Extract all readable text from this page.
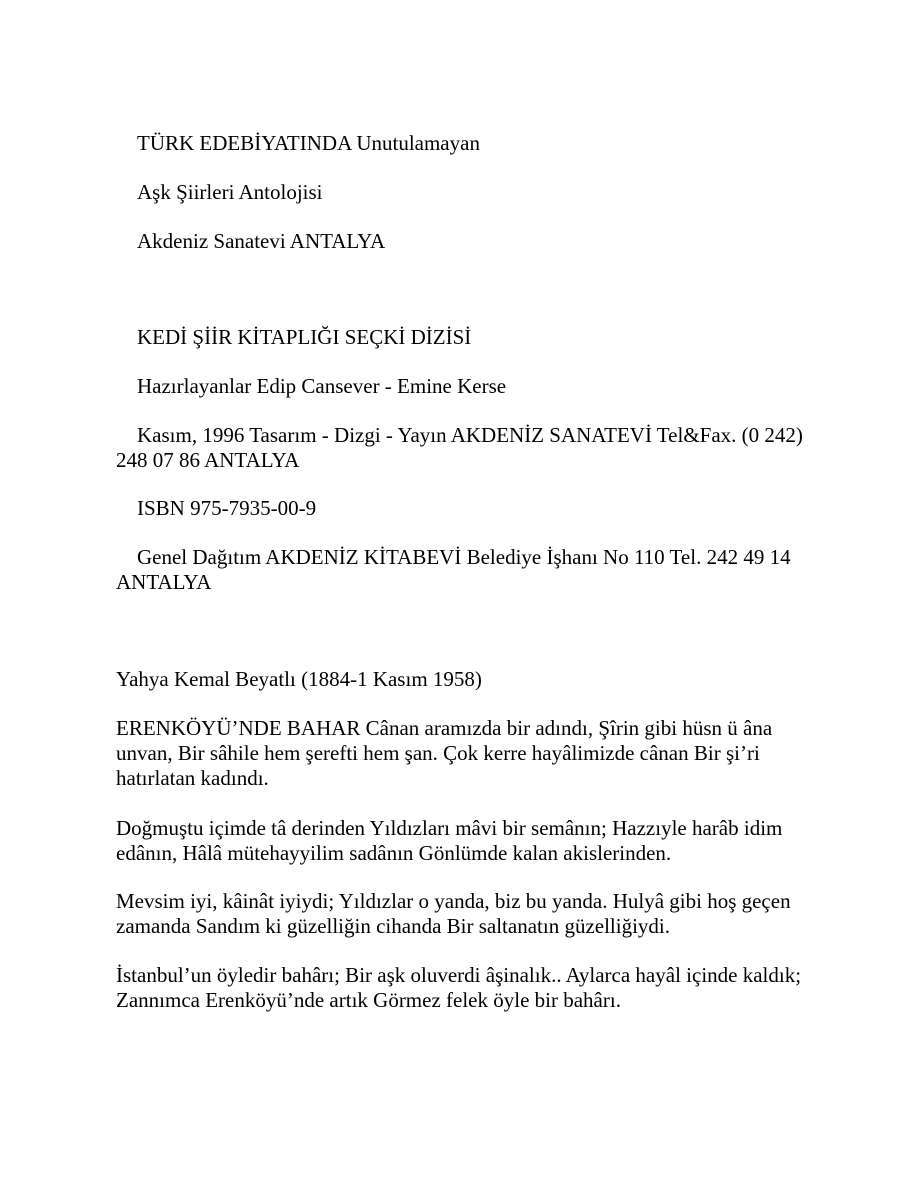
TÜRK EDEBİYATINDA Unutulamayan

Aşk Şiirleri Antolojisi

Akdeniz Sanatevi ANTALYA

KEDİ ŞİİR KİTAPLIĞI SEÇKİ DİZİSİ

Hazırlayanlar Edip Cansever - Emine Kerse

Kasım, 1996 Tasarım - Dizgi - Yayın AKDENİZ SANATEVİ Tel&Fax. (0 242) 248 07 86 ANTALYA

ISBN 975-7935-00-9

Genel Dağıtım AKDENİZ KİTABEVİ Belediye İşhanı No 110 Tel. 242 49 14 ANTALYA

Yahya Kemal Beyatlı (1884-1 Kasım 1958)

ERENKÖYÜ’NDE BAHAR Cânan aramızda bir adındı, Şîrin gibi hüsn ü âna unvan, Bir sâhile hem şerefti hem şan. Çok kerre hayâlimizde cânan Bir şi’ri hatırlatan kadındı.

Doğmuştu içimde tâ derinden Yıldızları mâvi bir semânın; Hazzıyle harâb idim edânın, Hâlâ mütehayyilim sadânın Gönlümde kalan akislerinden.

Mevsim iyi, kâinât iyiydi; Yıldızlar o yanda, biz bu yanda. Hulyâ gibi hoş geçen zamanda Sandım ki güzelliğin cihanda Bir saltanatın güzelliğiydi.

İstanbul’un öyledir bahârı; Bir aşk oluverdi âşinalık.. Aylarca hayâl içinde kaldık; Zannımca Erenköyü’nde artık Görmez felek öyle bir bahârı.
